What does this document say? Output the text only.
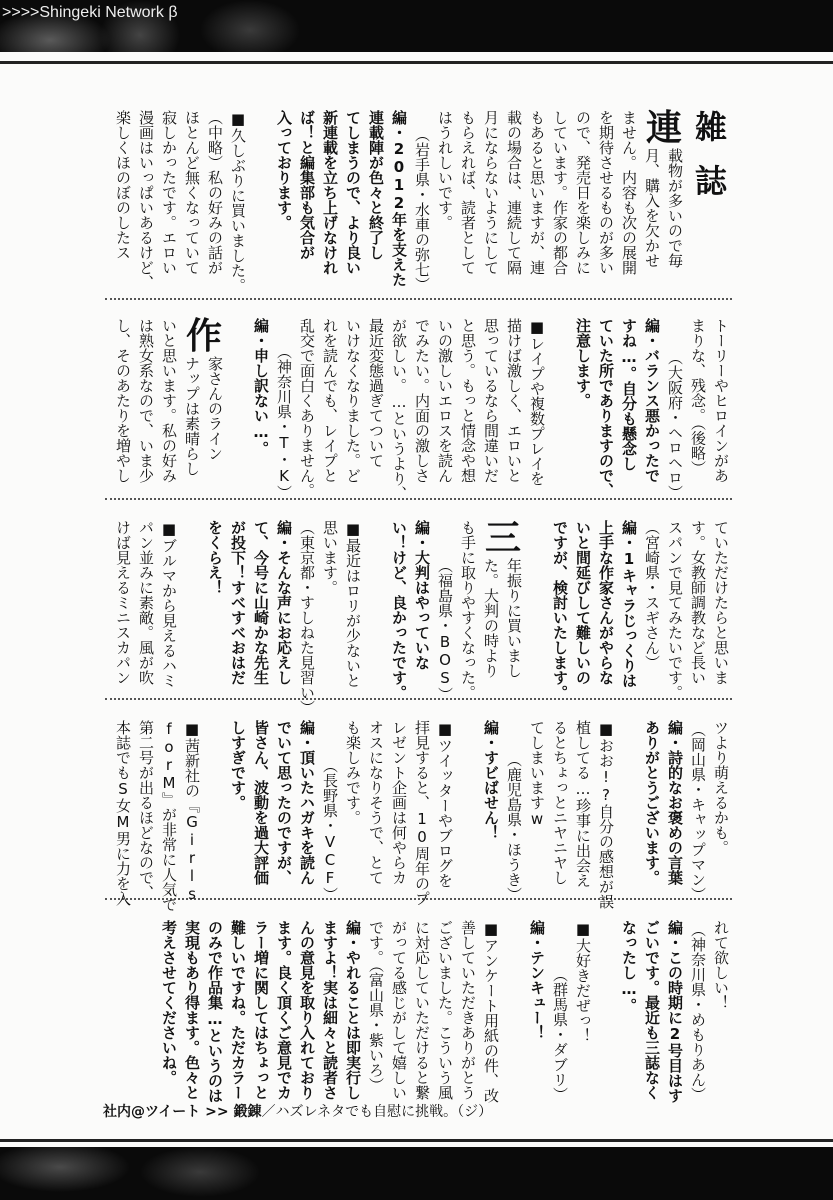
>>>>Shingeki Network β
雑誌
連
載物が多いので毎
月、購入を欠かせ
ません。内容も次の展開
を期待させるものが多い
ので、発売日を楽しみに
しています。作家の都合
もあると思いますが、連
載の場合は、連続して隔
月にならないようにして
もらえれば、読者として
はうれしいです。
（岩手県・水車の弥七）
編・2012年を支えた
連載陣が色々と終了し
てしまうので、より良い
新連載を立ち上げなけれ
ば！と編集部も気合が
入っております。
■久しぶりに買いました。
（中略）私の好みの話が
ほとんど無くなっていて
寂しかったです。エロい
漫画はいっぱいあるけど、
楽しくほのぼのしたス
トーリーやヒロインがあ
まりな、残念。（後略）
（大阪府・ヘロヘロ）
編・バランス悪かったで
すね…。自分も懸念し
ていた所でありますので、
注意します。
■レイプや複数プレイを
描けば激しく、エロいと
思っているなら間違いだ
と思う。もっと情念や想
いの激しいエロスを読ん
でみたい。内面の激しさ
が欲しい。…というより、
最近変態過ぎてついて
いけなくなりました。ど
れを読んでも、レイプと
乱交で面白くありません。
（神奈川県・T・K）
編・申し訳ない…。
作
家さんのライン
ナップは素晴らし
いと思います。私の好み
は熟女系なので、いま少
し、そのあたりを増やし
ていただけたらと思いま
す。女教師調教など長い
スパンで見てみたいです。
（宮崎県・スギさん）
編・1キャラじっくりは
上手な作家さんがやらな
いと間延びして難しいの
ですが、検討いたします。
三
年振りに買いまし
た。大判の時より
も手に取りやすくなった。
（福島県・BOS）
編・大判はやっていな
い！けど、良かったです。
■最近はロリが少ないと
思います。
（東京都・すしねた見習い）
編・そんな声にお応えし
て、今号に山崎かな先生
が投下！すべすべおはだ
をくらえ！
■ブルマから見えるハミ
パン並みに素敵。風が吹
けば見えるミニスカパン
ツより萌えるかも。
（岡山県・キャップマン）
編・詩的なお褒めの言葉
ありがとうございます。
■おお!?自分の感想が誤
植してる…珍事に出会え
るとちょっとニヤニヤし
てしまいますw
（鹿児島県・ほうき）
編・すビばせん！
■ツイッターやブログを
拝見すると、10周年のプ
レゼント企画は何やらカ
オスになりそうで、とて
も楽しみです。
（長野県・VCF）
編・頂いたハガキを読ん
でいて思ったのですが、
皆さん、波動を過大評価
しすぎです。
■茜新社の『Girls
forM』が非常に人気で
第二号が出るほどなので、
本誌でもS女M男に力を入
れて欲しい！
（神奈川県・めもりあん）
編・この時期に2号目はす
ごいです。最近も三誌なく
なったし…。
■大好きだぜっ！
（群馬県・ダブリ）
編・テンキュー！
■アンケート用紙の件、改
善していただきありがとう
ございました。こういう風
に対応していただけると繋
がってる感じがして嬉しい
です。（富山県・紫いろ）
編・やれることは即実行し
ますよ！実は細々と読者さ
んの意見を取り入れており
ます。良く頂くご意見でカ
ラー増に関してはちょっと
難しいですね。ただカラー
のみで作品集…というのは
実現もあり得ます。色々と
考えさせてくださいね。
社内@ツイート >> 鍛錬／ハズレネタでも自慰に挑戦。（ジ）
